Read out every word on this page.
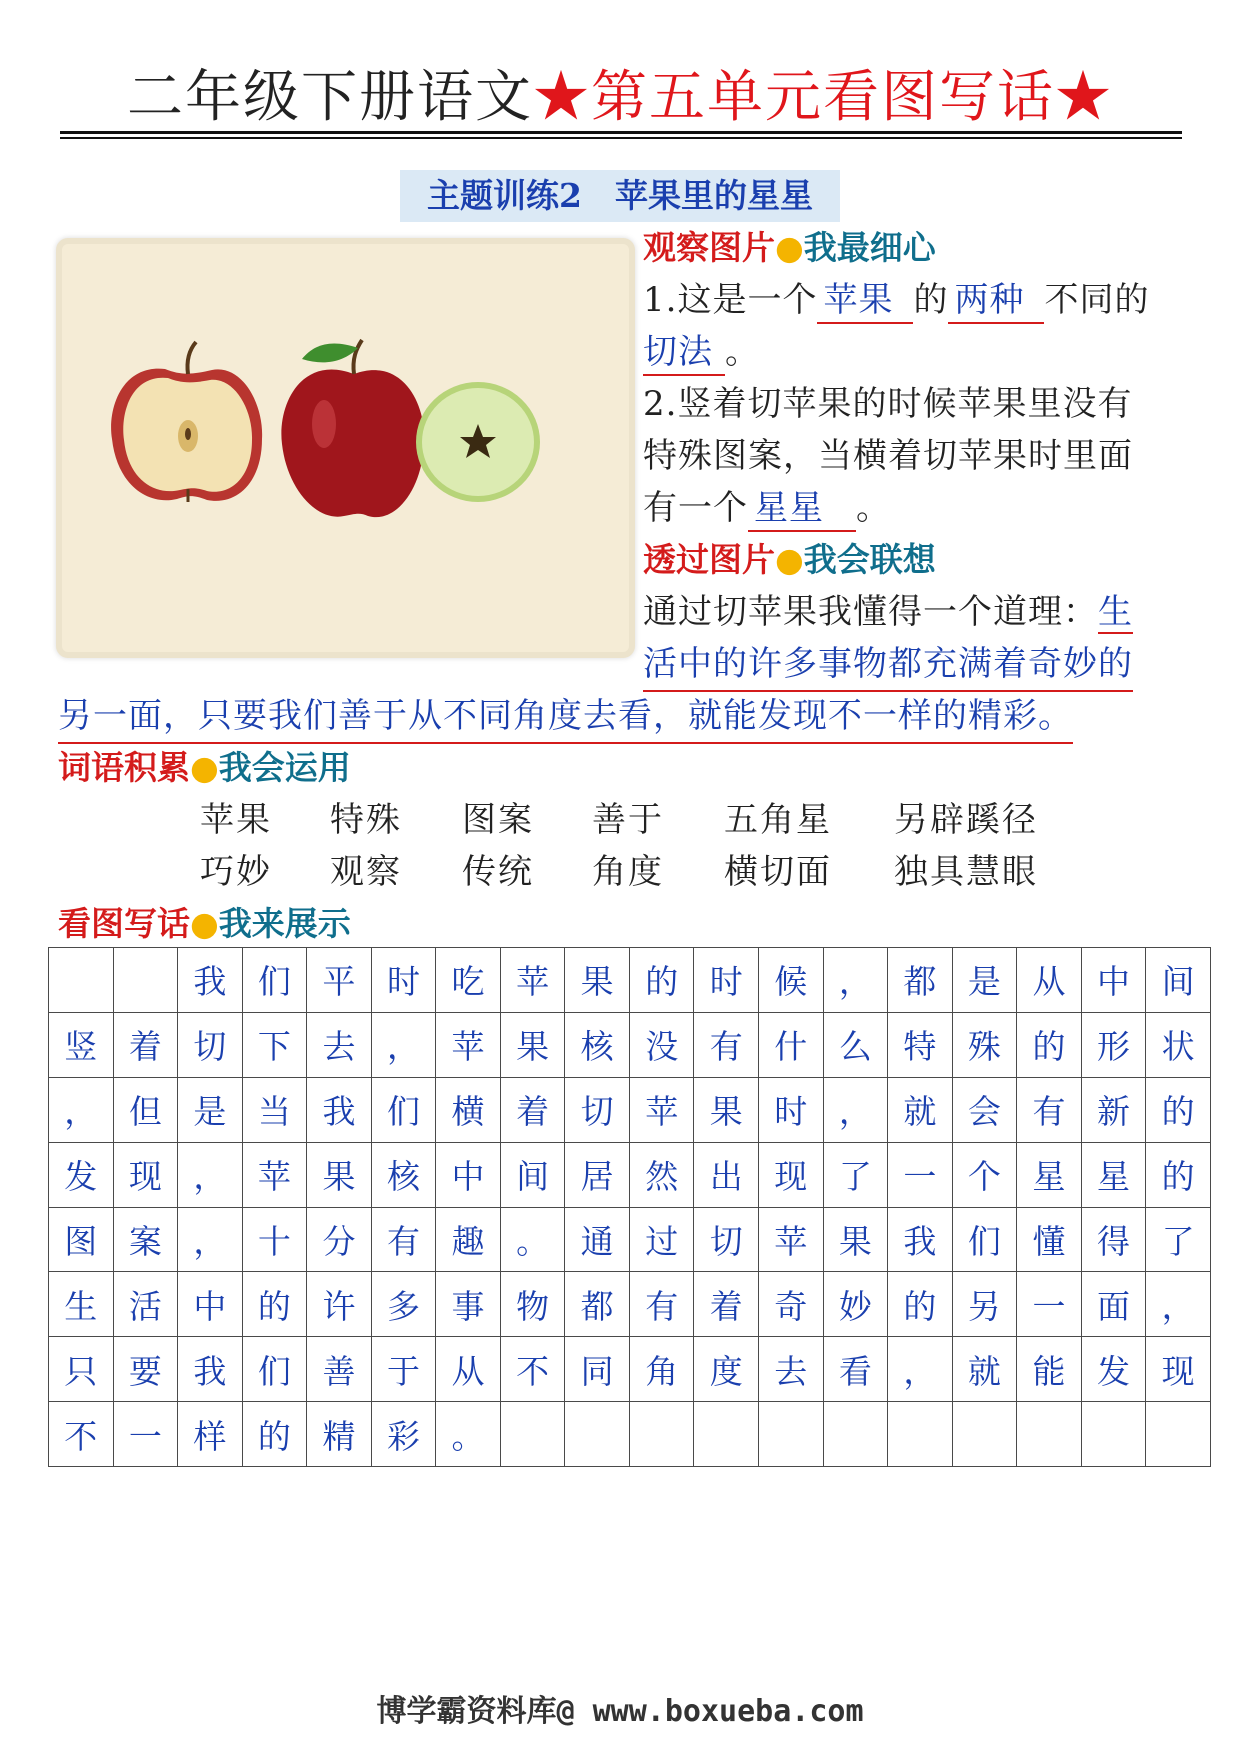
二年级下册语文★第五单元看图写话★
主题训练2　苹果里的星星
观察图片●我最细心
1.这是一个 苹果 的 两种 不同的
切法 。
2.竖着切苹果的时候苹果里没有
特殊图案，当横着切苹果时里面
有一个 星星 。
透过图片●我会联想
通过切苹果我懂得一个道理：生
活中的许多事物都充满着奇妙的
另一面，只要我们善于从不同角度去看，就能发现不一样的精彩。
词语积累●我会运用
苹果 特殊 图案 善于 五角星 另辟蹊径
巧妙 观察 传统 角度 横切面 独具慧眼
看图写话●我来展示
		我	们	平	时	吃	苹	果	的	时	候	，	都	是	从	中	间
竖	着	切	下	去	，	苹	果	核	没	有	什	么	特	殊	的	形	状
，	但	是	当	我	们	横	着	切	苹	果	时	，	就	会	有	新	的
发	现	，	苹	果	核	中	间	居	然	出	现	了	一	个	星	星	的
图	案	，	十	分	有	趣	。	通	过	切	苹	果	我	们	懂	得	了
生	活	中	的	许	多	事	物	都	有	着	奇	妙	的	另	一	面	，
只	要	我	们	善	于	从	不	同	角	度	去	看	，	就	能	发	现
不	一	样	的	精	彩	。											
博学霸资料库@ www.boxueba.com
